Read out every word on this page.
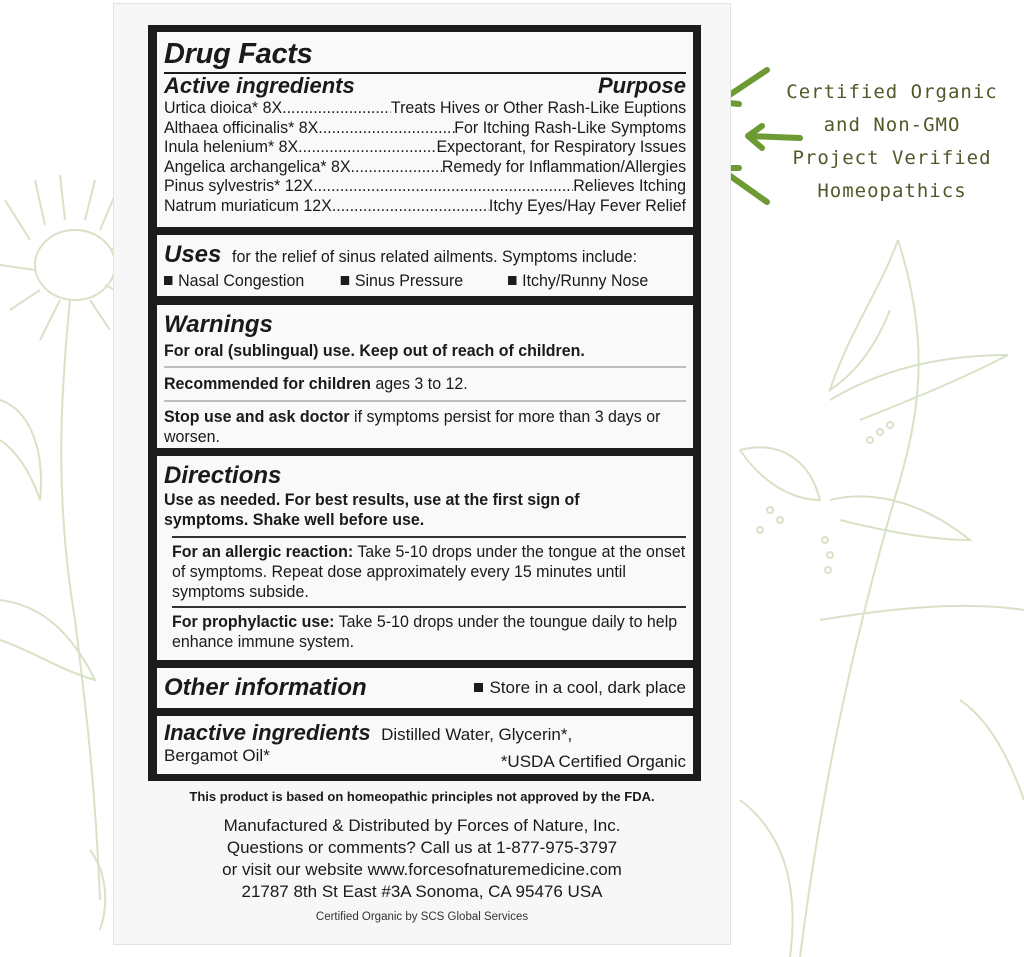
Certified Organic
and Non-GMO
Project Verified
Homeopathics
Drug Facts
Active ingredients	Purpose
Urtica dioica* 8X .....	Treats Hives or Other Rash-Like Euptions
Althaea officinalis* 8X .....	For Itching Rash-Like Symptoms
Inula helenium* 8X .....	Expectorant, for Respiratory Issues
Angelica archangelica* 8X .....	Remedy for Inflammation/Allergies
Pinus sylvestris* 12X .....	Relieves Itching
Natrum muriaticum 12X .....	Itchy Eyes/Hay Fever Relief
Uses for the relief of sinus related ailments. Symptoms include:
Nasal Congestion	Sinus Pressure	Itchy/Runny Nose
Warnings
For oral (sublingual) use. Keep out of reach of children.
Recommended for children ages 3 to 12.
Stop use and ask doctor if symptoms persist for more than 3 days or worsen.
Directions
Use as needed. For best results, use at the first sign of symptoms. Shake well before use.
For an allergic reaction: Take 5-10 drops under the tongue at the onset of symptoms. Repeat dose approximately every 15 minutes until symptoms subside.
For prophylactic use: Take 5-10 drops under the toungue daily to help enhance immune system.
Other information	Store in a cool, dark place
Inactive ingredients Distilled Water, Glycerin*,
Bergamot Oil*	*USDA Certified Organic
This product is based on homeopathic principles not approved by the FDA.
Manufactured & Distributed by Forces of Nature, Inc.
Questions or comments? Call us at 1-877-975-3797
or visit our website www.forcesofnaturemedicine.com
21787 8th St East #3A Sonoma, CA 95476 USA
Certified Organic by SCS Global Services
